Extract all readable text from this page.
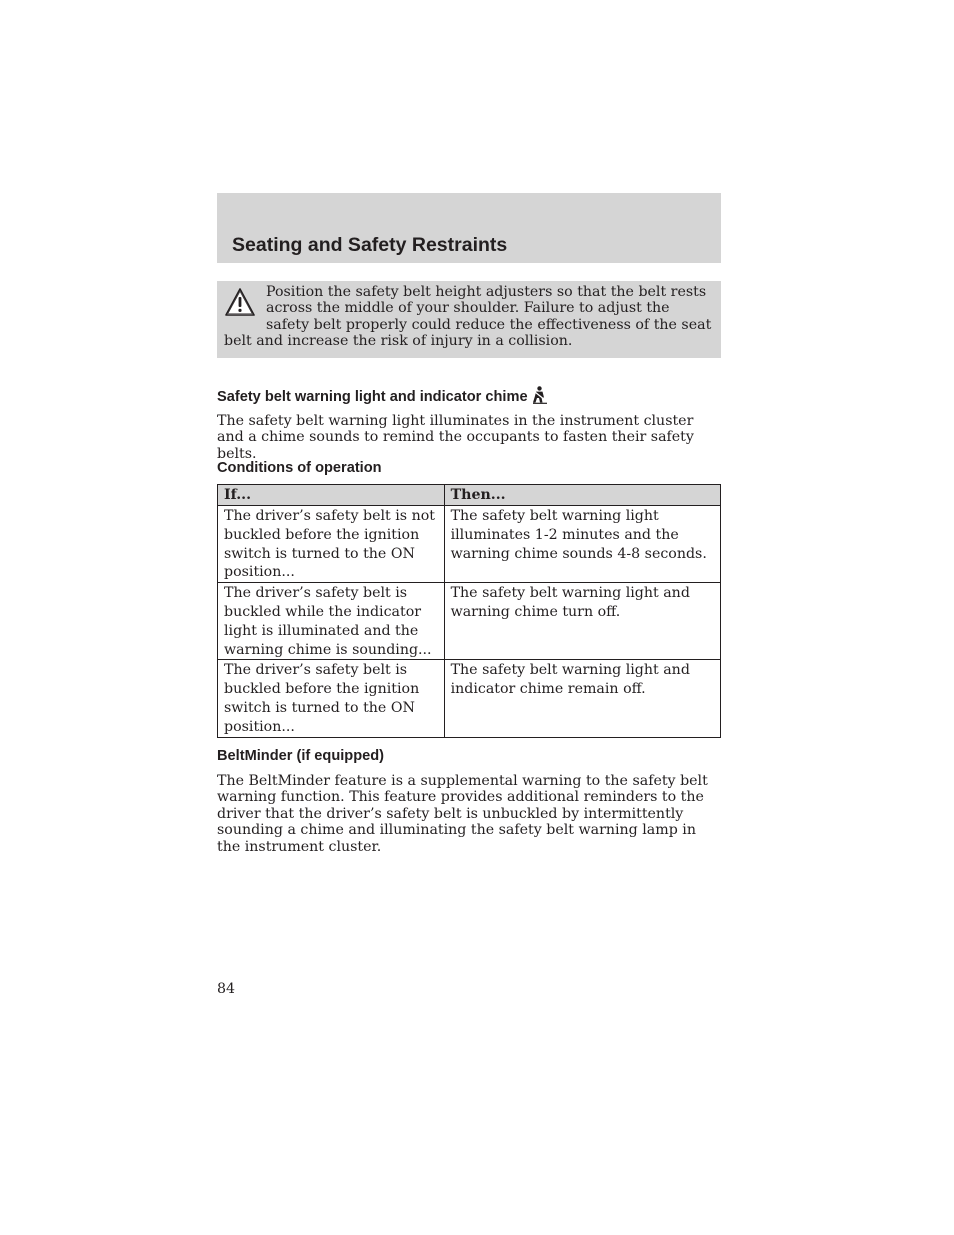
Seating and Safety Restraints

Position the safety belt height adjusters so that the belt rests across the middle of your shoulder. Failure to adjust the safety belt properly could reduce the effectiveness of the seat belt and increase the risk of injury in a collision.

Safety belt warning light and indicator chime

The safety belt warning light illuminates in the instrument cluster and a chime sounds to remind the occupants to fasten their safety belts.

Conditions of operation
If...	Then...
The driver’s safety belt is not buckled before the ignition switch is turned to the ON position...	The safety belt warning light illuminates 1-2 minutes and the warning chime sounds 4-8 seconds.
The driver’s safety belt is buckled while the indicator light is illuminated and the warning chime is sounding...	The safety belt warning light and warning chime turn off.
The driver’s safety belt is buckled before the ignition switch is turned to the ON position...	The safety belt warning light and indicator chime remain off.
BeltMinder (if equipped)

The BeltMinder feature is a supplemental warning to the safety belt warning function. This feature provides additional reminders to the driver that the driver’s safety belt is unbuckled by intermittently sounding a chime and illuminating the safety belt warning lamp in the instrument cluster.

84
